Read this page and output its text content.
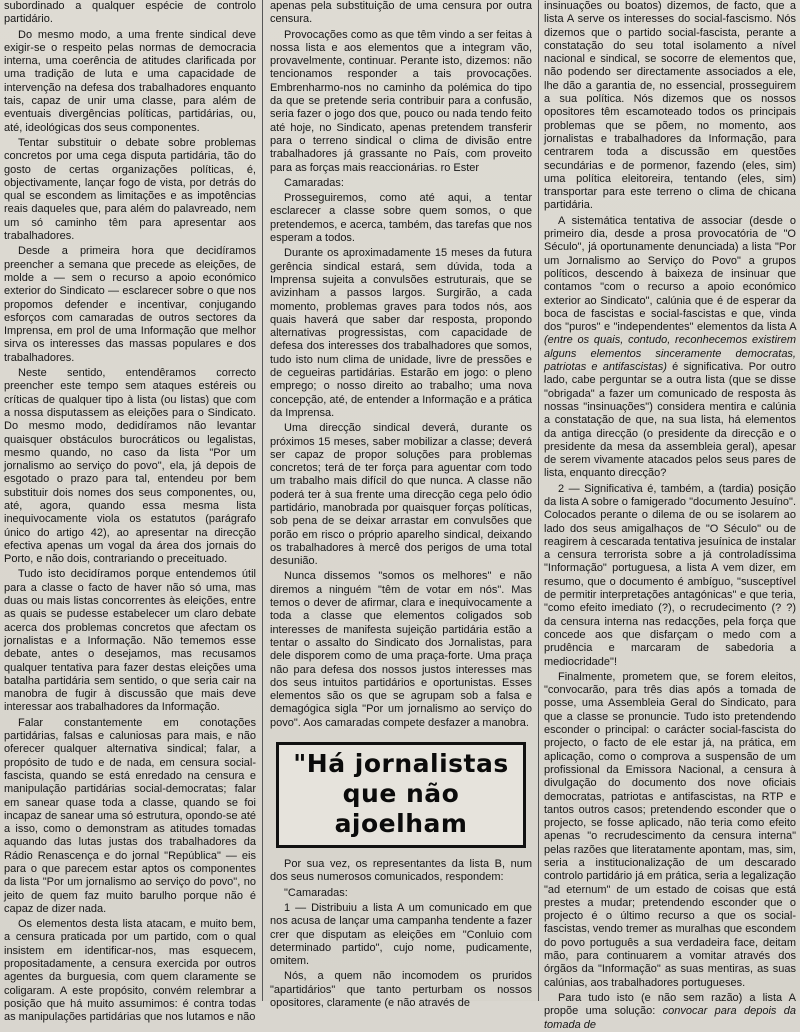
subordinado a qualquer espécie de controlo partidário.

Do mesmo modo, a uma frente sindical deve exigir-se o respeito pelas normas de democracia interna, uma coerência de atitudes clarificada por uma tradição de luta e uma capacidade de intervenção na defesa dos trabalhadores enquanto tais, capaz de unir uma classe, para além de eventuais divergências políticas, partidárias, ou, até, ideológicas dos seus componentes.

Tentar substituir o debate sobre problemas concretos por uma cega disputa partidária, tão do gosto de certas organizações políticas, é, objectivamente, lançar fogo de vista, por detrás do qual se escondem as limitações e as impotências reais daqueles que, para além do palavreado, nem um só caminho têm para apresentar aos trabalhadores.

Desde a primeira hora que decidíramos preencher a semana que precede as eleições, de molde a — sem o recurso a apoio económico exterior do Sindicato — esclarecer sobre o que nos propomos defender e incentivar, conjugando esforços com camaradas de outros sectores da Imprensa, em prol de uma Informação que melhor sirva os interesses das massas populares e dos trabalhadores.

Neste sentido, entendêramos correcto preencher este tempo sem ataques estéreis ou críticas de qualquer tipo à lista (ou listas) que com a nossa disputassem as eleições para o Sindicato. Do mesmo modo, dedidíramos não levantar quaisquer obstáculos burocráticos ou legalistas, mesmo quando, no caso da lista "Por um jornalismo ao serviço do povo", ela, já depois de esgotado o prazo para tal, entendeu por bem substituir dois nomes dos seus componentes, ou, até, agora, quando essa mesma lista inequivocamente viola os estatutos (parágrafo único do artigo 42), ao apresentar na direcção efectiva apenas um vogal da área dos jornais do Porto, e não dois, contrariando o preceituado.

Tudo isto decidíramos porque entendemos útil para a classe o facto de haver não só uma, mas duas ou mais listas concorrentes às eleições, entre as quais se pudesse estabelecer um claro debate acerca dos problemas concretos que afectam os jornalistas e a Informação. Não tememos esse debate, antes o desejamos, mas recusamos qualquer tentativa para fazer destas eleições uma batalha partidária sem sentido, o que seria cair na manobra de fugir à discussão que mais deve interessar aos trabalhadores da Informação.

Falar constantemente em conotações partidárias, falsas e caluniosas para mais, e não oferecer qualquer alternativa sindical; falar, a propósito de tudo e de nada, em censura social-fascista, quando se está enredado na censura e manipulação partidárias social-democratas; falar em sanear quase toda a classe, quando se foi incapaz de sanear uma só estrutura, opondo-se até a isso, como o demonstram as atitudes tomadas aquando das lutas justas dos trabalhadores da Rádio Renascença e do jornal "República" — eis para o que parecem estar aptos os componentes da lista "Por um jornalismo ao serviço do povo", no jeito de quem faz muito barulho porque não é capaz de dizer nada.

Os elementos desta lista atacam, e muito bem, a censura praticada por um partido, com o qual insistem em identificar-nos, mas esquecem, propositadamente, a censura exercida por outros agentes da burguesia, com quem claramente se coligaram. A este propósito, convém relembrar a posição que há muito assumimos: é contra todas as manipulações partidárias que nos lutamos e não

apenas pela substituição de uma censura por outra censura.

Provocações como as que têm vindo a ser feitas à nossa lista e aos elementos que a integram vão, provavelmente, continuar. Perante isto, dizemos: não tencionamos responder a tais provocações. Embrenharmo-nos no caminho da polémica do tipo da que se pretende seria contribuir para a confusão, seria fazer o jogo dos que, pouco ou nada tendo feito até hoje, no Sindicato, apenas pretendem transferir para o terreno sindical o clima de divisão entre trabalhadores já grassante no País, com proveito para as forças mais reaccionárias. ro Ester

Camaradas:

Prosseguiremos, como até aqui, a tentar esclarecer a classe sobre quem somos, o que pretendemos, e acerca, também, das tarefas que nos esperam a todos.

Durante os aproximadamente 15 meses da futura gerência sindical estará, sem dúvida, toda a Imprensa sujeita a convulsões estruturais, que se avizinham a passos largos. Surgirão, a cada momento, problemas graves para todos nós, aos quais haverá que saber dar resposta, propondo alternativas progressistas, com capacidade de defesa dos interesses dos trabalhadores que somos, tudo isto num clima de unidade, livre de pressões e de cegueiras partidárias. Estarão em jogo: o pleno emprego; o nosso direito ao trabalho; uma nova concepção, até, de entender a Informação e a prática da Imprensa.

Uma direcção sindical deverá, durante os próximos 15 meses, saber mobilizar a classe; deverá ser capaz de propor soluções para problemas concretos; terá de ter força para aguentar com todo um trabalho mais difícil do que nunca. A classe não poderá ter à sua frente uma direcção cega pelo ódio partidário, manobrada por quaisquer forças políticas, sob pena de se deixar arrastar em convulsões que porão em risco o próprio aparelho sindical, deixando os trabalhadores à mercê dos perigos de uma total desunião.

Nunca dissemos "somos os melhores" e não diremos a ninguém "têm de votar em nós". Mas temos o dever de afirmar, clara e inequivocamente a toda a classe que elementos coligados sob interesses de manifesta sujeição partidária estão a tentar o assalto do Sindicato dos Jornalistas, para dele disporem como de uma praça-forte. Uma praça não para defesa dos nossos justos interesses mas dos seus intuitos partidários e oportunistas. Esses elementos são os que se agrupam sob a falsa e demagógica sigla "Por um jornalismo ao serviço do povo". Aos camaradas compete desfazer a manobra.

"Há jornalistas
que não ajoelham

Por sua vez, os representantes da lista B, num dos seus numerosos comunicados, respondem:

"Camaradas:

1 — Distribuiu a lista A um comunicado em que nos acusa de lançar uma campanha tendente a fazer crer que disputam as eleições em "Conluio com determinado partido", cujo nome, pudicamente, omitem.

Nós, a quem não incomodem os pruridos "apartidários" que tanto perturbam os nossos opositores, claramente (e não através de

insinuações ou boatos) dizemos, de facto, que a lista A serve os interesses do social-fascismo. Nós dizemos que o partido social-fascista, perante a constatação do seu total isolamento a nível nacional e sindical, se socorre de elementos que, não podendo ser directamente associados a ele, lhe dão a garantia de, no essencial, prosseguirem a sua política. Nós dizemos que os nossos opositores têm escamoteado todos os principais problemas que se põem, no momento, aos jornalistas e trabalhadores da Informação, para centrarem toda a discussão em questões secundárias e de pormenor, fazendo (eles, sim) uma política eleitoreira, tentando (eles, sim) transportar para este terreno o clima de chicana partidária.

A sistemática tentativa de associar (desde o primeiro dia, desde a prosa provocatória de "O Século", já oportunamente denunciada) a lista "Por um Jornalismo ao Serviço do Povo" a grupos políticos, descendo à baixeza de insinuar que contamos "com o recurso a apoio económico exterior ao Sindicato", calúnia que é de esperar da boca de fascistas e social-fascistas e que, vinda dos "puros" e "independentes" elementos da lista A (entre os quais, contudo, reconhecemos existirem alguns elementos sinceramente democratas, patriotas e antifascistas) é significativa. Por outro lado, cabe perguntar se a outra lista (que se disse "obrigada" a fazer um comunicado de resposta às nossas "insinuações") considera mentira e calúnia a constatação de que, na sua lista, há elementos da antiga direcção (o presidente da direcção e o presidente da mesa da assembleia geral), apesar de serem vivamente atacados pelos seus pares de lista, enquanto direcção?

2 — Significativa é, também, a (tardia) posição da lista A sobre o famigerado "documento Jesuíno". Colocados perante o dilema de ou se isolarem ao lado dos seus amigalhaços de "O Século" ou de reagirem à cescarada tentativa jesuínica de instalar a censura terrorista sobre a já controladíssima "Informação" portuguesa, a lista A vem dizer, em resumo, que o documento é ambíguo, "susceptível de permitir interpretações antagónicas" e que teria, "como efeito imediato (?), o recrudecimento (? ?) da censura interna nas redacções, pela força que concede aos que disfarçam o medo com a prudência e marcaram de sabedoria a mediocridade"!

Finalmente, prometem que, se forem eleitos, "convocarão, para três dias após a tomada de posse, uma Assembleia Geral do Sindicato, para que a classe se pronuncie. Tudo isto pretendendo esconder o principal: o carácter social-fascista do projecto, o facto de ele estar já, na prática, em aplicação, como o comprova a suspensão de um profissional da Emissora Nacional, a censura à divulgação do documento dos nove oficiais democratas, patriotas e antifascistas, na RTP e tantos outros casos; pretendendo esconder que o projecto, se fosse aplicado, não teria como efeito apenas "o recrudescimento da censura interna" pelas razões que literatamente apontam, mas, sim, seria a institucionalização de um descarado controlo partidário já em prática, seria a legalização "ad eternum" de um estado de coisas que está prestes a mudar; pretendendo esconder que o projecto é o último recurso a que os social-fascistas, vendo tremer as muralhas que escondem do povo português a sua verdadeira face, deitam mão, para continuarem a vomitar através dos órgãos da "Informação" as suas mentiras, as suas calúnias, aos trabalhadores portugueses.

Para tudo isto (e não sem razão) a lista A propõe uma solução: convocar para depois da tomada de
